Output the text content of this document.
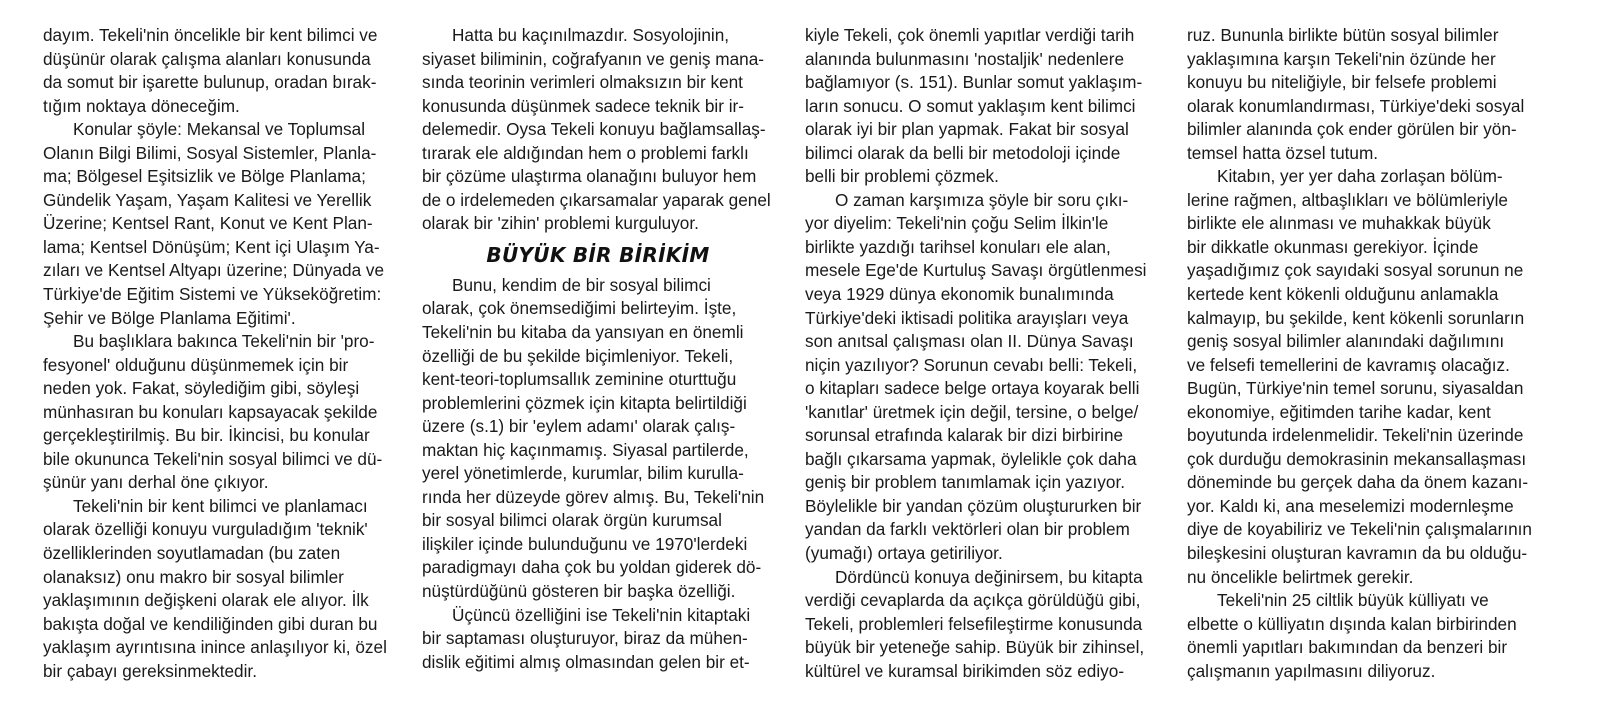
dayım. Tekeli'nin öncelikle bir kent bilimci ve
düşünür olarak çalışma alanları konusunda
da somut bir işarette bulunup, oradan bırak-
tığım noktaya döneceğim.

Konular şöyle: Mekansal ve Toplumsal
Olanın Bilgi Bilimi, Sosyal Sistemler, Planla-
ma; Bölgesel Eşitsizlik ve Bölge Planlama;
Gündelik Yaşam, Yaşam Kalitesi ve Yerellik
Üzerine; Kentsel Rant, Konut ve Kent Plan-
lama; Kentsel Dönüşüm; Kent içi Ulaşım Ya-
zıları ve Kentsel Altyapı üzerine; Dünyada ve
Türkiye'de Eğitim Sistemi ve Yükseköğretim:
Şehir ve Bölge Planlama Eğitimi'.

Bu başlıklara bakınca Tekeli'nin bir 'pro-
fesyonel' olduğunu düşünmemek için bir
neden yok. Fakat, söylediğim gibi, söyleşi
münhasıran bu konuları kapsayacak şekilde
gerçekleştirilmiş. Bu bir. İkincisi, bu konular
bile okununca Tekeli'nin sosyal bilimci ve dü-
şünür yanı derhal öne çıkıyor.

Tekeli'nin bir kent bilimci ve planlamacı
olarak özelliği konuyu vurguladığım 'teknik'
özelliklerinden soyutlamadan (bu zaten
olanaksız) onu makro bir sosyal bilimler
yaklaşımının değişkeni olarak ele alıyor. İlk
bakışta doğal ve kendiliğinden gibi duran bu
yaklaşım ayrıntısına inince anlaşılıyor ki, özel
bir çabayı gereksinmektedir.

Hatta bu kaçınılmazdır. Sosyolojinin,
siyaset biliminin, coğrafyanın ve geniş mana-
sında teorinin verimleri olmaksızın bir kent
konusunda düşünmek sadece teknik bir ir-
delemedir. Oysa Tekeli konuyu bağlamsallaş-
tırarak ele aldığından hem o problemi farklı
bir çözüme ulaştırma olanağını buluyor hem
de o irdelemeden çıkarsamalar yaparak genel
olarak bir 'zihin' problemi kurguluyor.

BÜYÜK BİR BİRİKİM

Bunu, kendim de bir sosyal bilimci
olarak, çok önemsediğimi belirteyim. İşte,
Tekeli'nin bu kitaba da yansıyan en önemli
özelliği de bu şekilde biçimleniyor. Tekeli,
kent-teori-toplumsallık zeminine oturttuğu
problemlerini çözmek için kitapta belirtildiği
üzere (s.1) bir 'eylem adamı' olarak çalış-
maktan hiç kaçınmamış. Siyasal partilerde,
yerel yönetimlerde, kurumlar, bilim kurulla-
rında her düzeyde görev almış. Bu, Tekeli'nin
bir sosyal bilimci olarak örgün kurumsal
ilişkiler içinde bulunduğunu ve 1970'lerdeki
paradigmayı daha çok bu yoldan giderek dö-
nüştürdüğünü gösteren bir başka özelliği.

Üçüncü özelliğini ise Tekeli'nin kitaptaki
bir saptaması oluşturuyor, biraz da mühen-
dislik eğitimi almış olmasından gelen bir et-

kiyle Tekeli, çok önemli yapıtlar verdiği tarih
alanında bulunmasını 'nostaljik' nedenlere
bağlamıyor (s. 151). Bunlar somut yaklaşım-
ların sonucu. O somut yaklaşım kent bilimci
olarak iyi bir plan yapmak. Fakat bir sosyal
bilimci olarak da belli bir metodoloji içinde
belli bir problemi çözmek.

O zaman karşımıza şöyle bir soru çıkı-
yor diyelim: Tekeli'nin çoğu Selim İlkin'le
birlikte yazdığı tarihsel konuları ele alan,
mesele Ege'de Kurtuluş Savaşı örgütlenmesi
veya 1929 dünya ekonomik bunalımında
Türkiye'deki iktisadi politika arayışları veya
son anıtsal çalışması olan II. Dünya Savaşı
niçin yazılıyor? Sorunun cevabı belli: Tekeli,
o kitapları sadece belge ortaya koyarak belli
'kanıtlar' üretmek için değil, tersine, o belge/
sorunsal etrafında kalarak bir dizi birbirine
bağlı çıkarsama yapmak, öylelikle çok daha
geniş bir problem tanımlamak için yazıyor.
Böylelikle bir yandan çözüm oluştururken bir
yandan da farklı vektörleri olan bir problem
(yumağı) ortaya getiriliyor.

Dördüncü konuya değinirsem, bu kitapta
verdiği cevaplarda da açıkça görüldüğü gibi,
Tekeli, problemleri felsefileştirme konusunda
büyük bir yeteneğe sahip. Büyük bir zihinsel,
kültürel ve kuramsal birikimden söz ediyo-

ruz. Bununla birlikte bütün sosyal bilimler
yaklaşımına karşın Tekeli'nin özünde her
konuyu bu niteliğiyle, bir felsefe problemi
olarak konumlandırması, Türkiye'deki sosyal
bilimler alanında çok ender görülen bir yön-
temsel hatta özsel tutum.

Kitabın, yer yer daha zorlaşan bölüm-
lerine rağmen, altbaşlıkları ve bölümleriyle
birlikte ele alınması ve muhakkak büyük
bir dikkatle okunması gerekiyor. İçinde
yaşadığımız çok sayıdaki sosyal sorunun ne
kertede kent kökenli olduğunu anlamakla
kalmayıp, bu şekilde, kent kökenli sorunların
geniş sosyal bilimler alanındaki dağılımını
ve felsefi temellerini de kavramış olacağız.
Bugün, Türkiye'nin temel sorunu, siyasaldan
ekonomiye, eğitimden tarihe kadar, kent
boyutunda irdelenmelidir. Tekeli'nin üzerinde
çok durduğu demokrasinin mekansallaşması
döneminde bu gerçek daha da önem kazanı-
yor. Kaldı ki, ana meselemizi modernleşme
diye de koyabiliriz ve Tekeli'nin çalışmalarının
bileşkesini oluşturan kavramın da bu olduğu-
nu öncelikle belirtmek gerekir.

Tekeli'nin 25 ciltlik büyük külliyatı ve
elbette o külliyatın dışında kalan birbirinden
önemli yapıtları bakımından da benzeri bir
çalışmanın yapılmasını diliyoruz.
